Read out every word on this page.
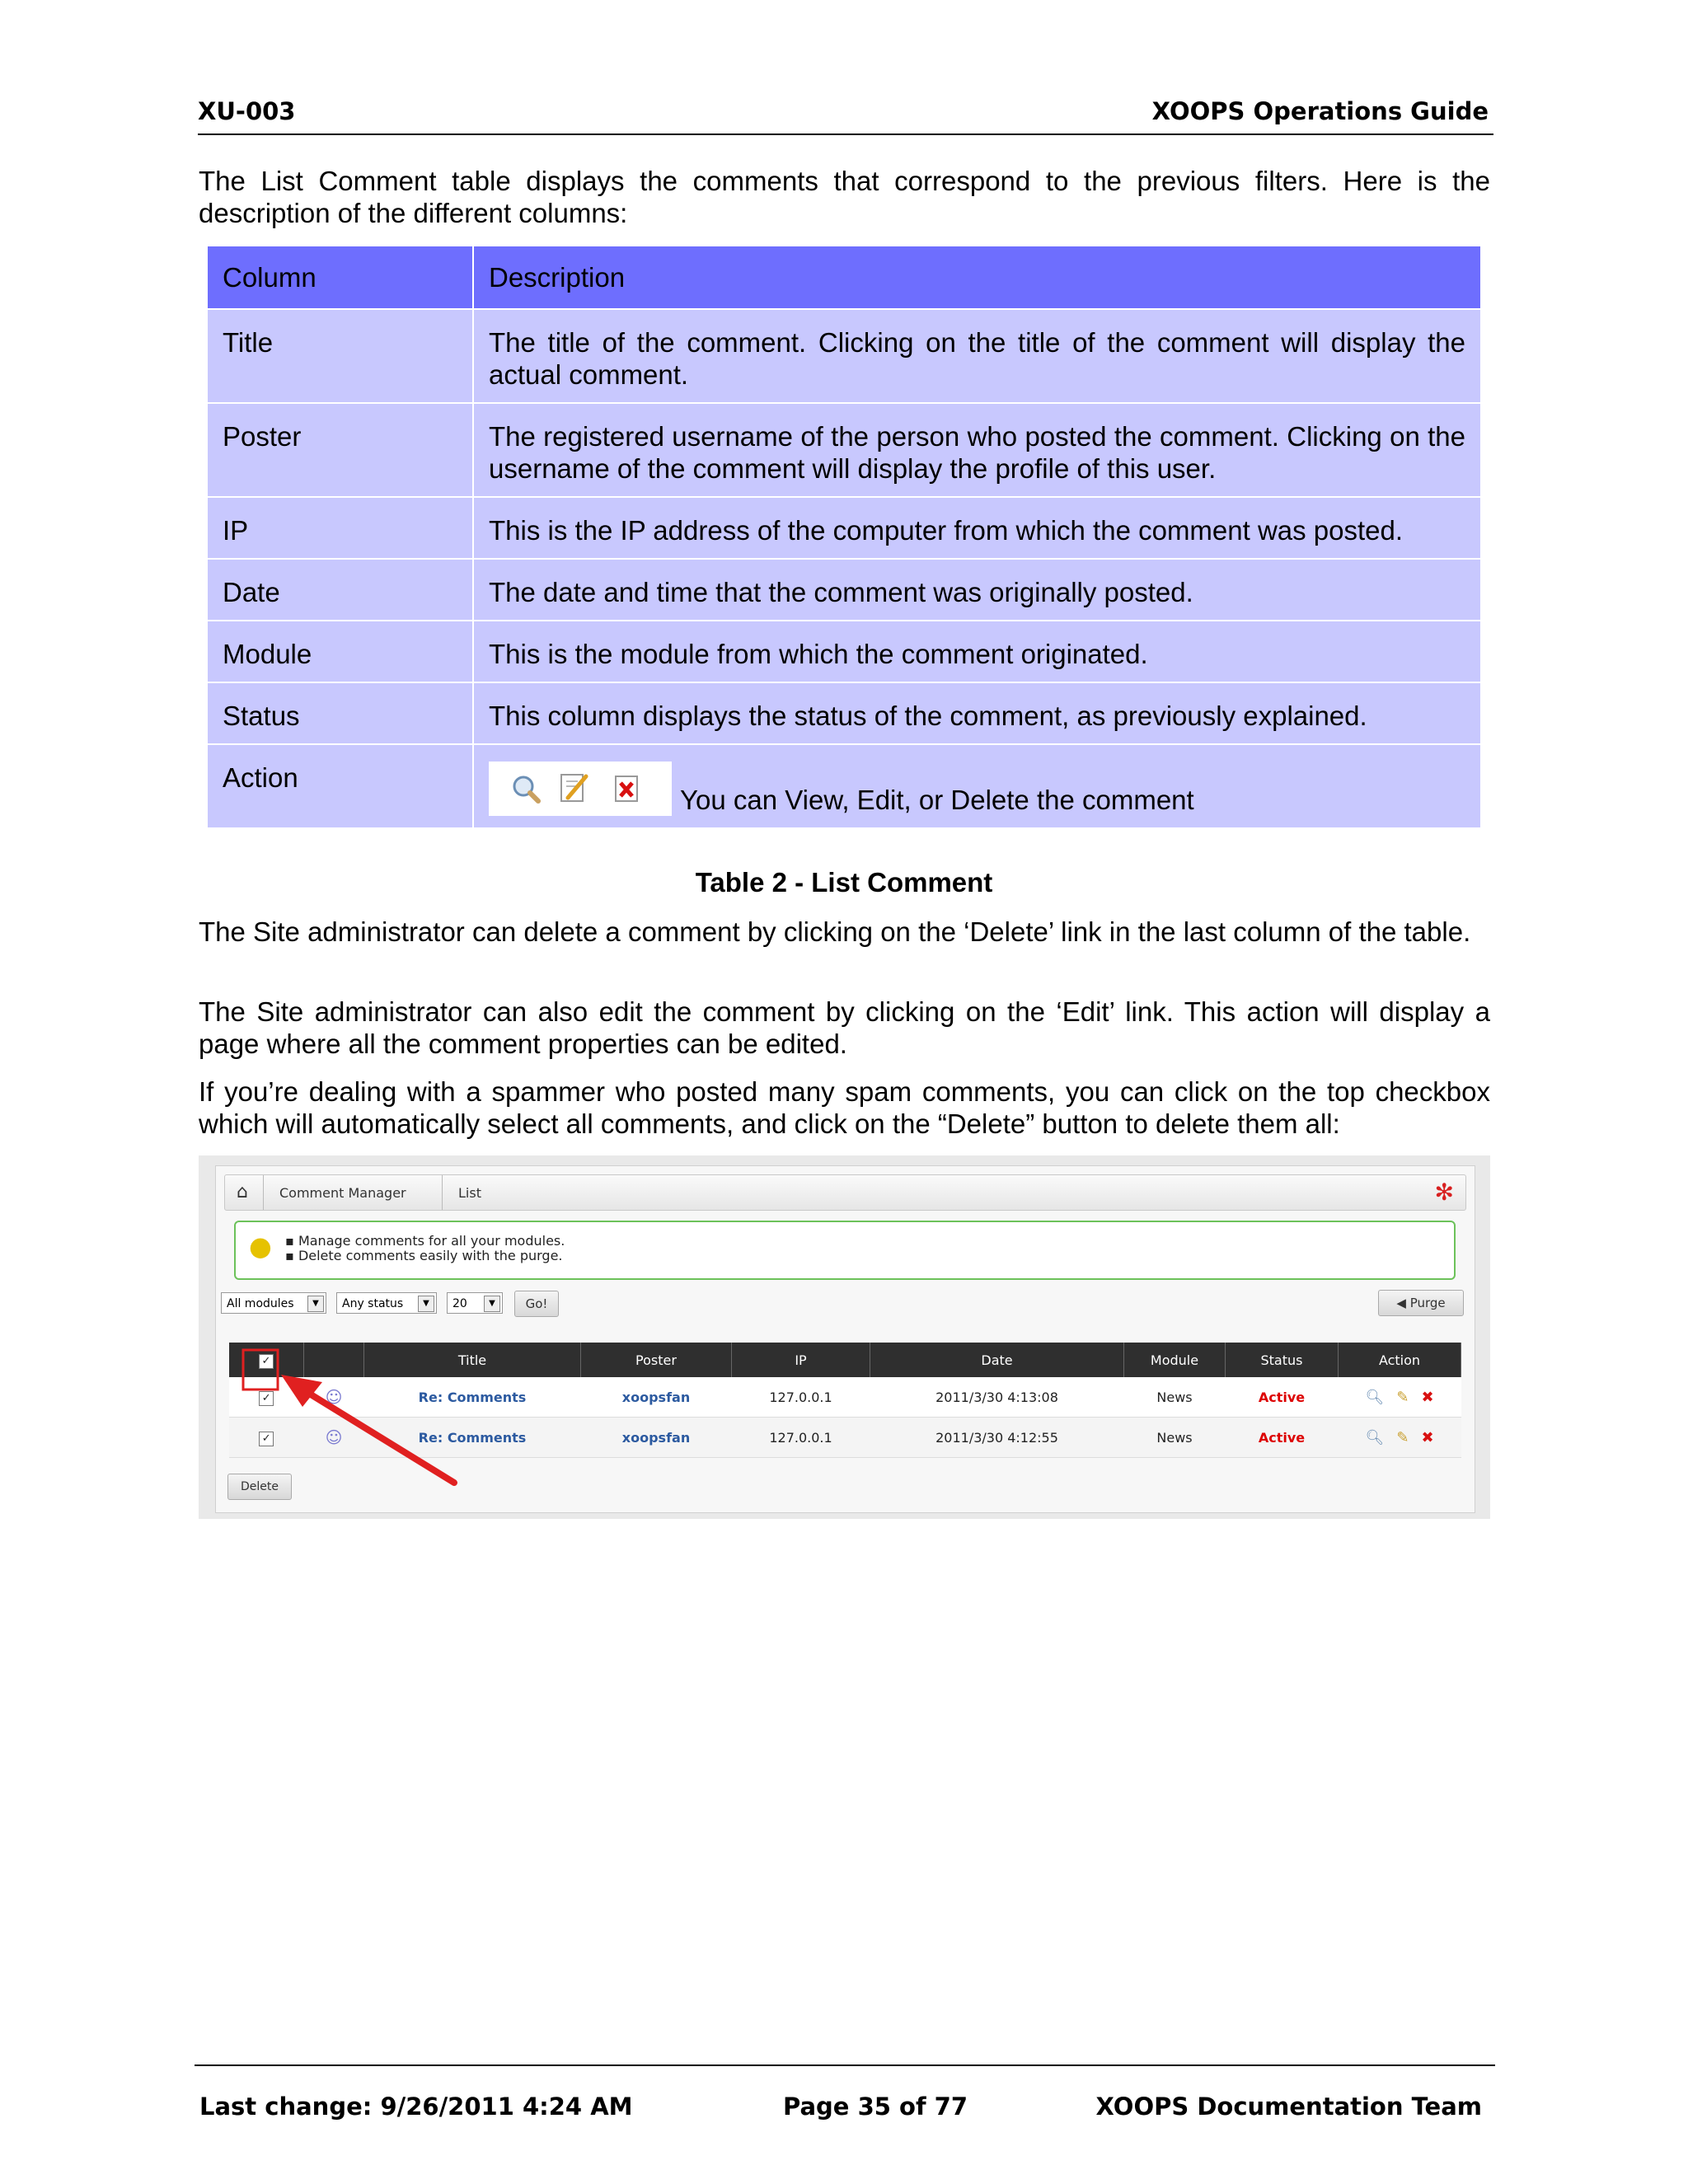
XU-003	XOOPS Operations Guide
The List Comment table displays the comments that correspond to the previous filters. Here is the description of the different columns:
Column	Description
Title	The title of the comment. Clicking on the title of the comment will display the actual comment.
Poster	The registered username of the person who posted the comment. Clicking on the username of the comment will display the profile of this user.
IP	This is the IP address of the computer from which the comment was posted.
Date	The date and time that the comment was originally posted.
Module	This is the module from which the comment originated.
Status	This column displays the status of the comment, as previously explained.
Action	You can View, Edit, or Delete the comment
Table 2 - List Comment
The Site administrator can delete a comment by clicking on the ‘Delete’ link in the last column of the table.
The Site administrator can also edit the comment by clicking on the ‘Edit’ link. This action will display a page where all the comment properties can be edited.
If you’re dealing with a spammer who posted many spam comments, you can click on the top checkbox which will automatically select all comments, and click on the “Delete” button to delete them all:
⌂ Comment Manager	List	✻
● ▪ Manage comments for all your modules.
▪ Delete comments easily with the purge.
All modules	▼	Any status	▼	20	▼	Go!	◀ Purge
✓		Title	Poster	IP	Date	Module	Status	Action
✓	☺	Re: Comments	xoopsfan	127.0.0.1	2011/3/30 4:13:08	News	Active	🔍︎ ✎ ✖
✓	☺	Re: Comments	xoopsfan	127.0.0.1	2011/3/30 4:12:55	News	Active	🔍︎ ✎ ✖
Delete
Last change: 9/26/2011 4:24 AM	Page 35 of 77	XOOPS Documentation Team
